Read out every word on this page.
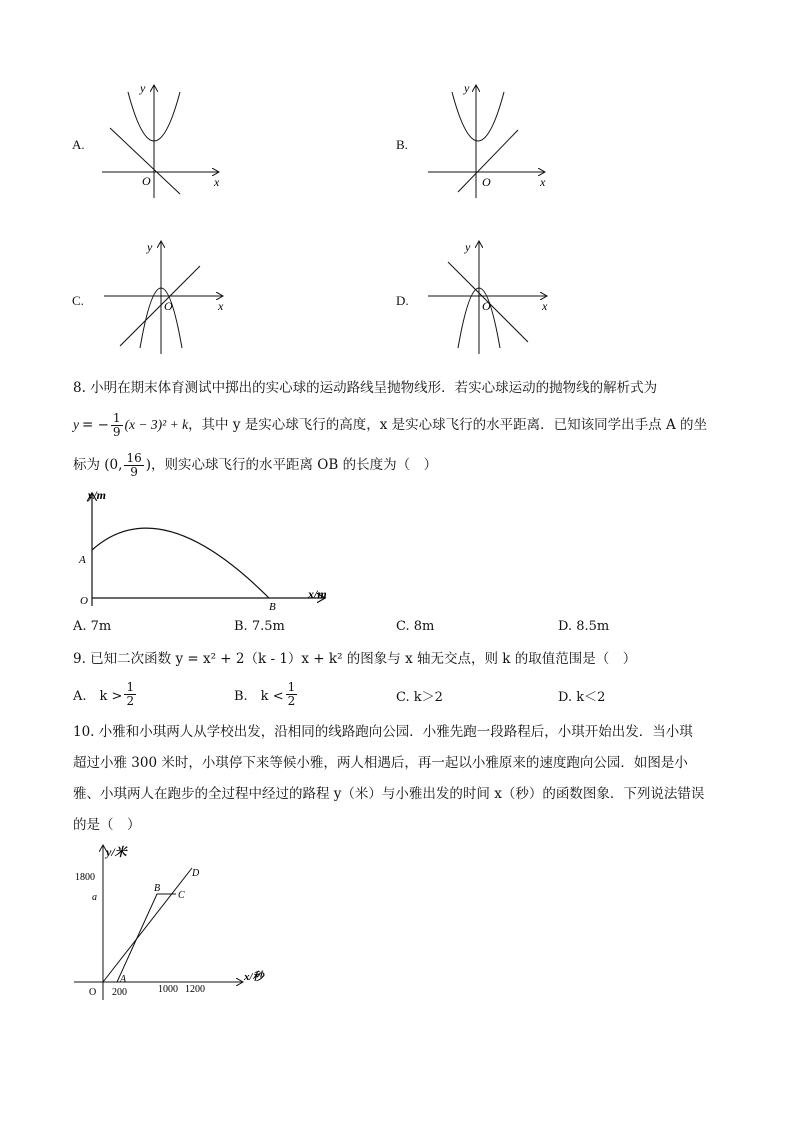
A.
O	x
y
B.
O	x
y
C.	O	x
y
D.	O	x
y
8. 小明在期末体育测试中掷出的实心球的运动路线呈抛物线形．若实心球运动的抛物线的解析式为
y = − $\frac{1}{9} (x - 3)^2 + k$ ，其中 y 是实心球飞行的高度，x 是实心球飞行的水平距离．已知该同学出手点 A 的坐
标为 (0, $\frac{16}{9}$ )，则实心球飞行的水平距离 OB 的长度为（　）
y/m
x/m
O
A
B
A. 7m	B. 7.5m	C. 8m	D. 8.5m
9. 已知二次函数 y = x² + 2（k - 1）x + k² 的图象与 x 轴无交点，则 k 的取值范围是（　）
A.　$k > \frac{1}{2}$	B.　$k < \frac{1}{2}$	C. k＞2	D. k＜2
10. 小雅和小琪两人从学校出发，沿相同的线路跑向公园．小雅先跑一段路程后，小琪开始出发．当小琪
超过小雅 300 米时，小琪停下来等候小雅，两人相遇后，再一起以小雅原来的速度跑向公园．如图是小
雅、小琪两人在跑步的全过程中经过的路程 y（米）与小雅出发的时间 x（秒）的函数图象．下列说法错误
的是（　）
y/米
x/秒
1800
a
O 200	1000 1200
A
B
C
D
